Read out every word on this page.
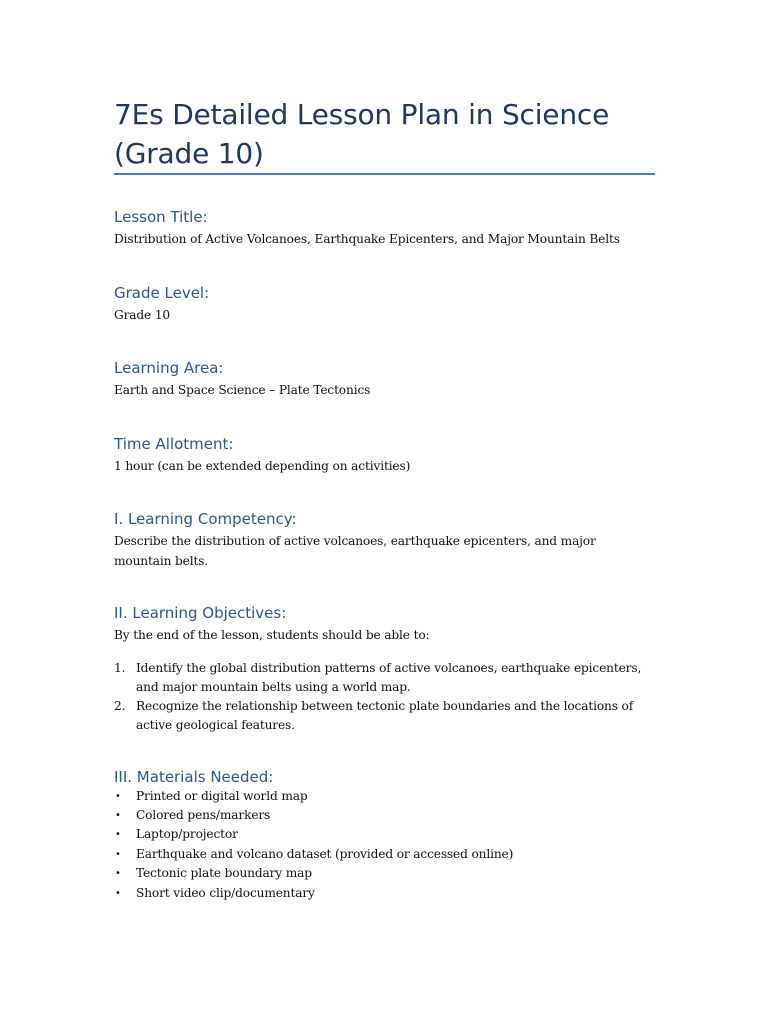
7Es Detailed Lesson Plan in Science
(Grade 10)
Lesson Title:
Distribution of Active Volcanoes, Earthquake Epicenters, and Major Mountain Belts
Grade Level:
Grade 10
Learning Area:
Earth and Space Science – Plate Tectonics
Time Allotment:
1 hour (can be extended depending on activities)
I. Learning Competency:
Describe the distribution of active volcanoes, earthquake epicenters, and major mountain belts.
II. Learning Objectives:
By the end of the lesson, students should be able to:
1. Identify the global distribution patterns of active volcanoes, earthquake epicenters, and major mountain belts using a world map.
2. Recognize the relationship between tectonic plate boundaries and the locations of active geological features.
III. Materials Needed:
• Printed or digital world map
• Colored pens/markers
• Laptop/projector
• Earthquake and volcano dataset (provided or accessed online)
• Tectonic plate boundary map
• Short video clip/documentary
